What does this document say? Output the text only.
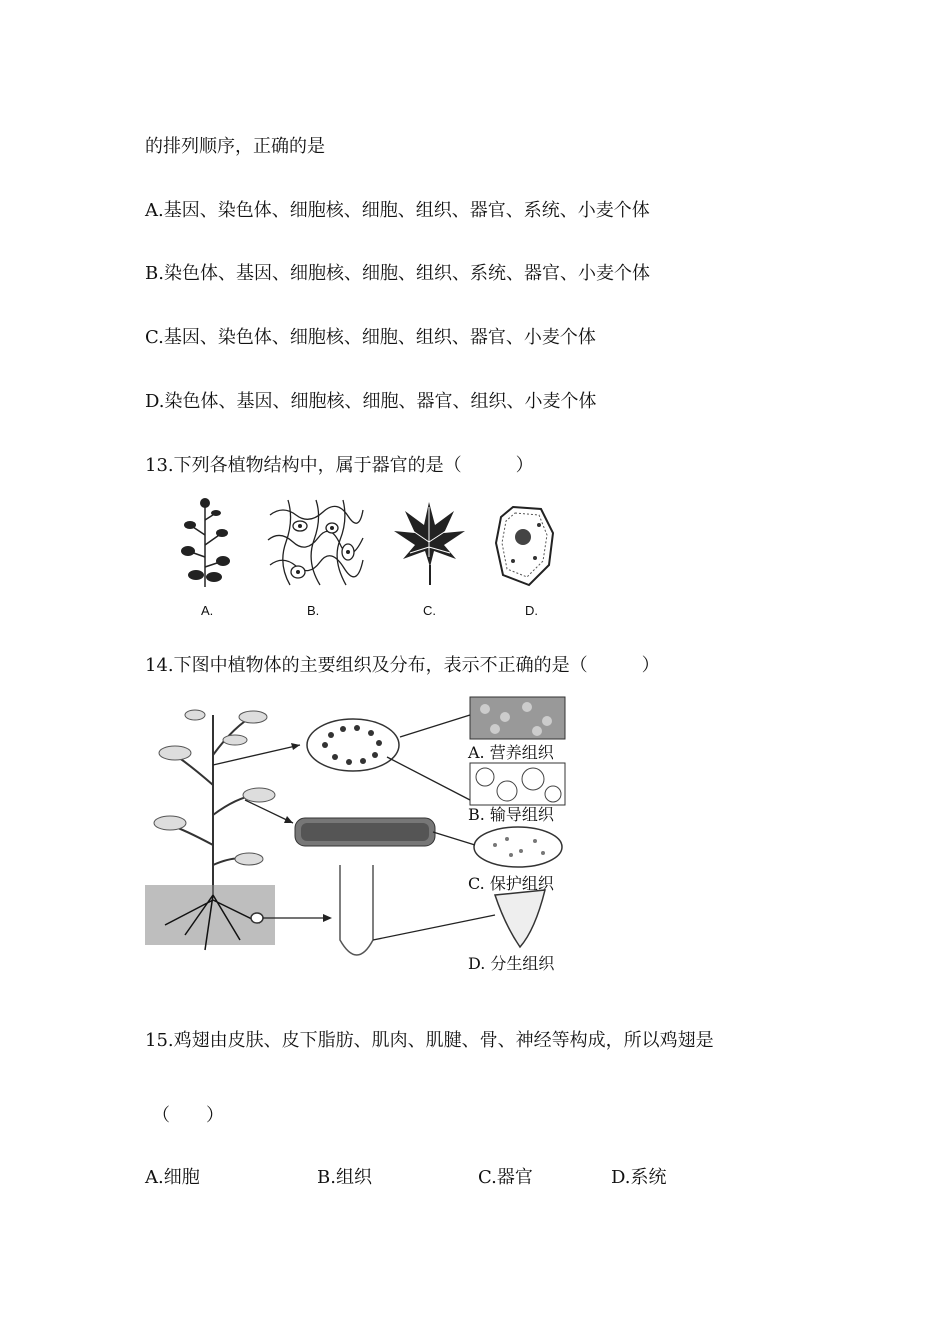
的排列顺序，正确的是
A.基因、染色体、细胞核、细胞、组织、器官、系统、小麦个体
B.染色体、基因、细胞核、细胞、组织、系统、器官、小麦个体
C.基因、染色体、细胞核、细胞、组织、器官、小麦个体
D.染色体、基因、细胞核、细胞、器官、组织、小麦个体
13.下列各植物结构中，属于器官的是（　　　）
A.	B.	C.	D.
14.下图中植物体的主要组织及分布，表示不正确的是（　　　）
A. 营养组织
B. 输导组织
C. 保护组织
D. 分生组织
15.鸡翅由皮肤、皮下脂肪、肌肉、肌腱、骨、神经等构成，所以鸡翅是
（　　）
A.细胞	B.组织	C.器官	D.系统
